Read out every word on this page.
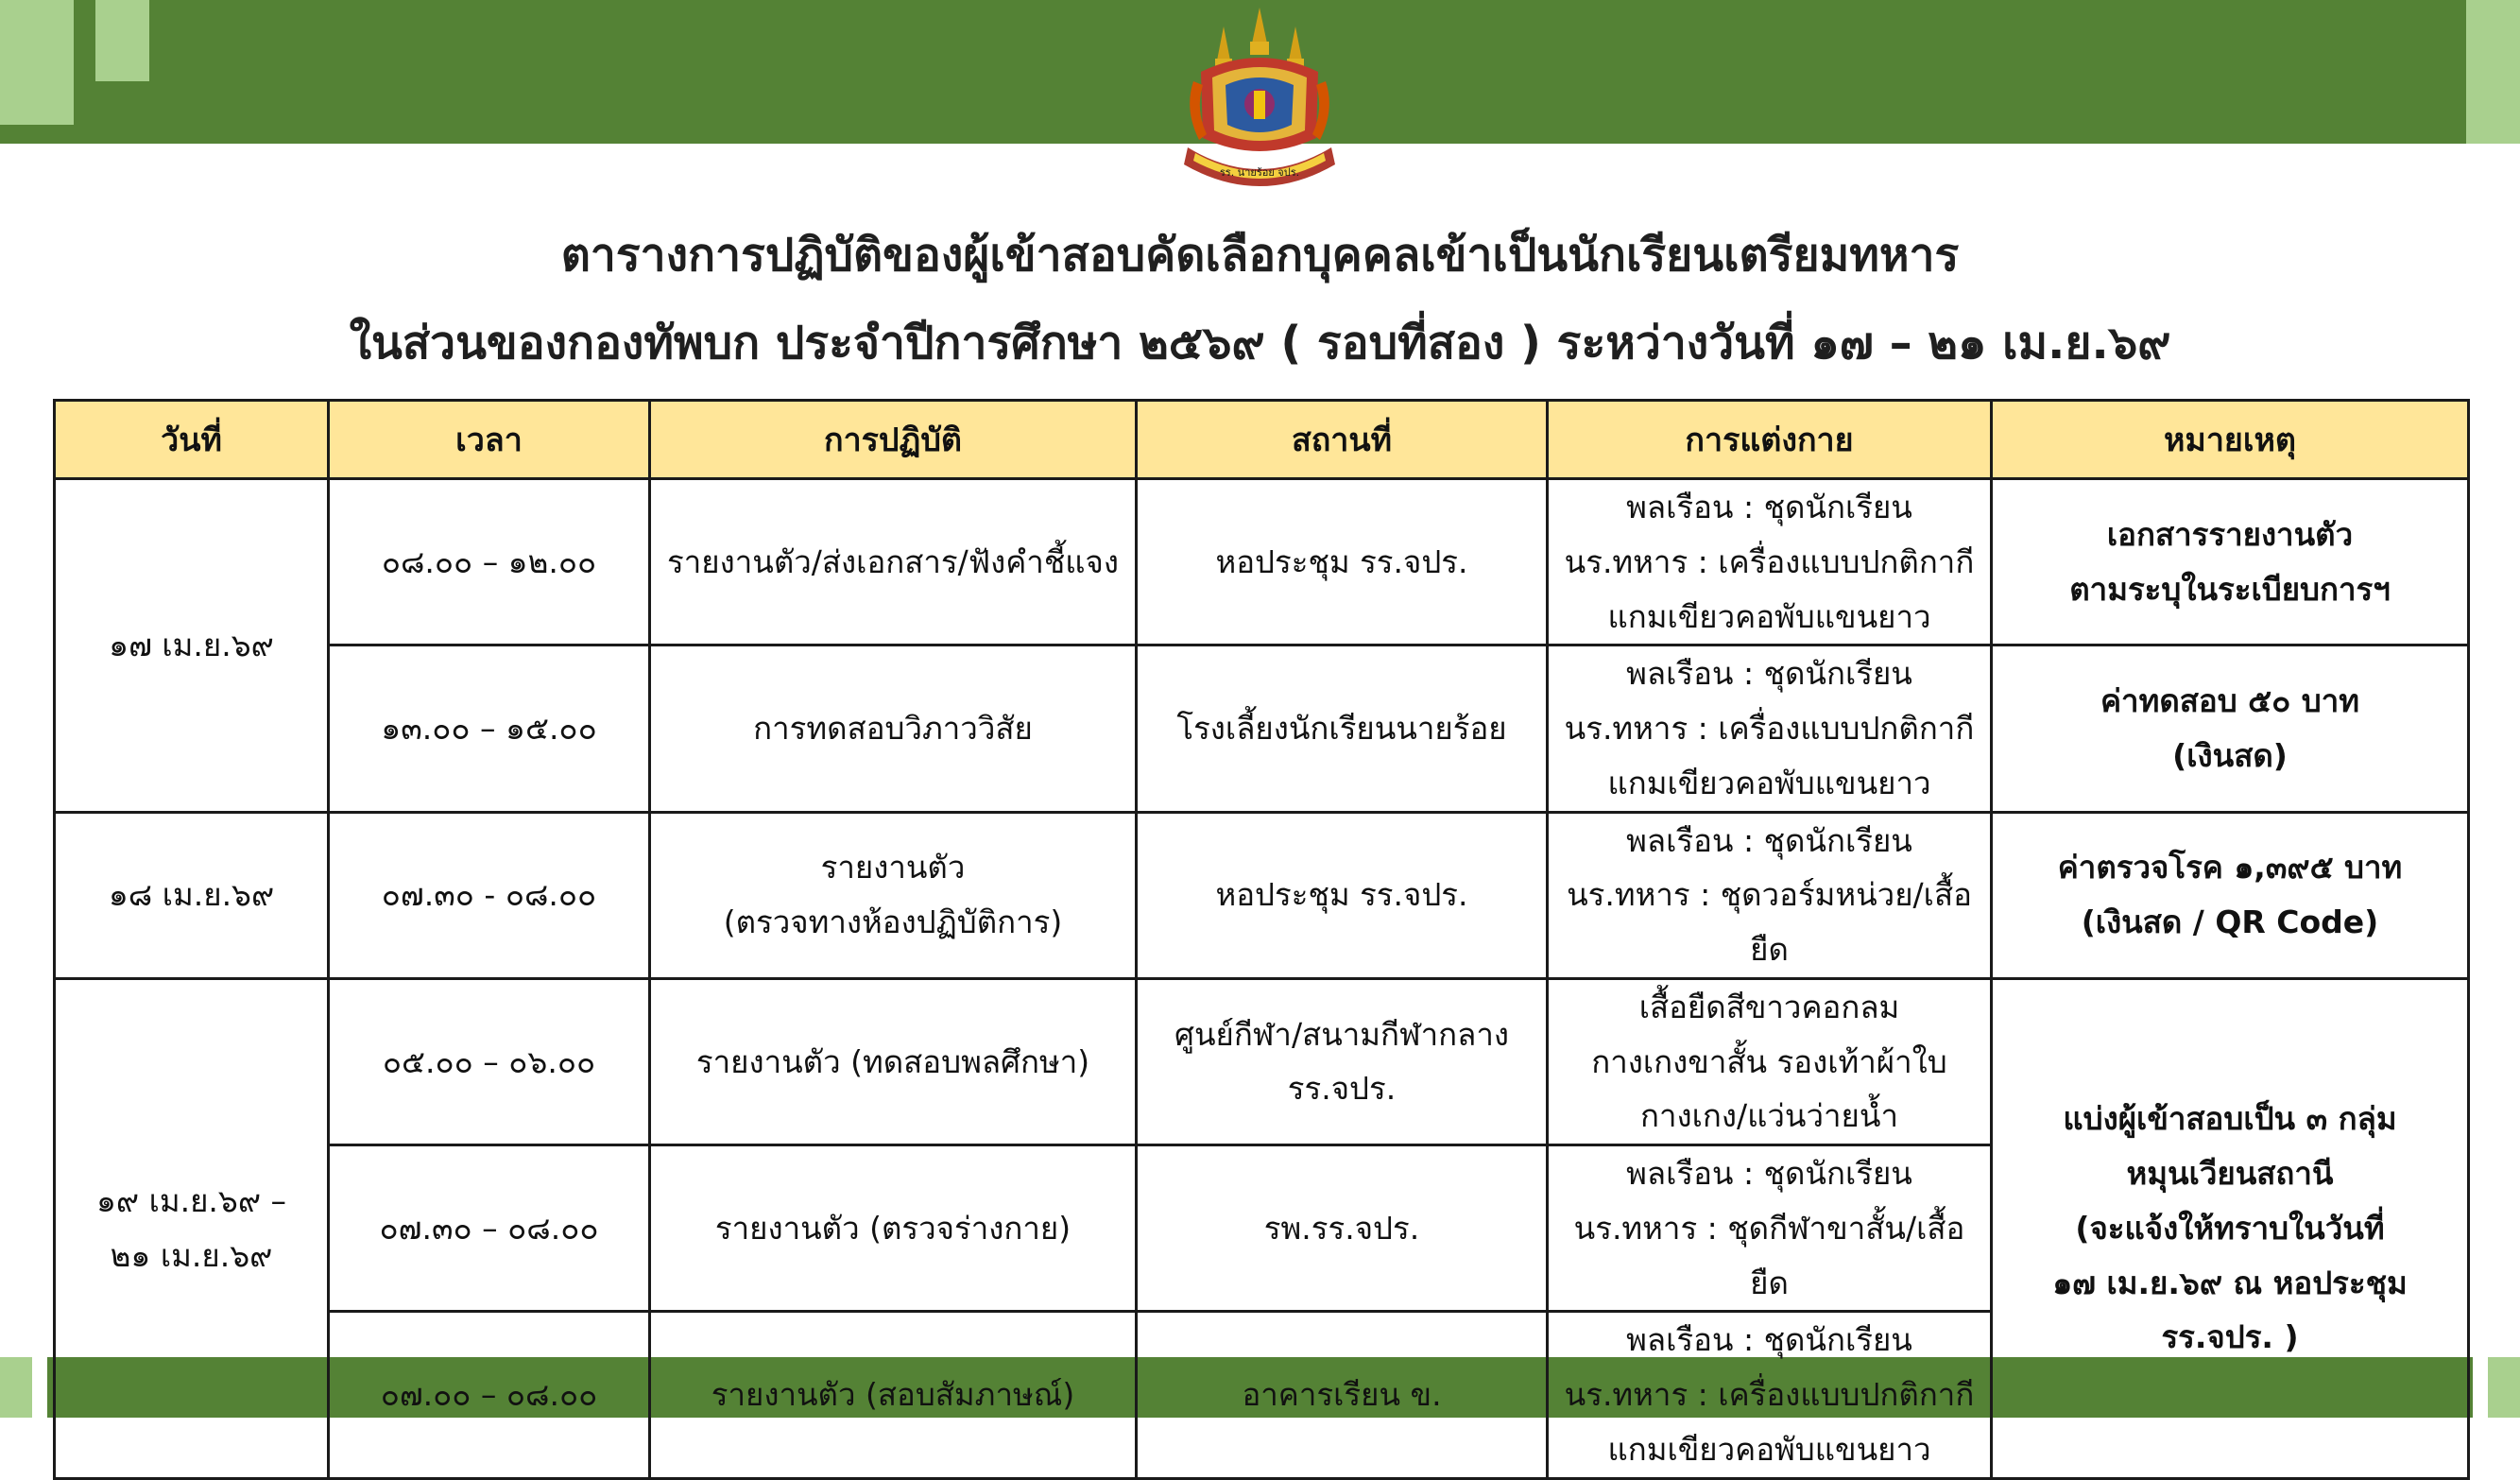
รร. นายร้อย จปร.
ตารางการปฏิบัติของผู้เข้าสอบคัดเลือกบุคคลเข้าเป็นนักเรียนเตรียมทหาร
ในส่วนของกองทัพบก ประจำปีการศึกษา ๒๕๖๙ ( รอบที่สอง ) ระหว่างวันที่ ๑๗ – ๒๑ เม.ย.๖๙
วันที่	เวลา	การปฏิบัติ	สถานที่	การแต่งกาย	หมายเหตุ
๑๗ เม.ย.๖๙	๐๘.๐๐ – ๑๒.๐๐	รายงานตัว/ส่งเอกสาร/ฟังคำชี้แจง	หอประชุม รร.จปร.	พลเรือน : ชุดนักเรียน
นร.ทหาร : เครื่องแบบปกติกากี
แกมเขียวคอพับแขนยาว	เอกสารรายงานตัว
ตามระบุในระเบียบการฯ

	๑๓.๐๐ – ๑๕.๐๐	การทดสอบวิภาววิสัย	โรงเลี้ยงนักเรียนนายร้อย	พลเรือน : ชุดนักเรียน
นร.ทหาร : เครื่องแบบปกติกากี
แกมเขียวคอพับแขนยาว	ค่าทดสอบ ๕๐ บาท
(เงินสด)

๑๘ เม.ย.๖๙	๐๗.๓๐ - ๐๘.๐๐	รายงานตัว
(ตรวจทางห้องปฏิบัติการ)	หอประชุม รร.จปร.	พลเรือน : ชุดนักเรียน
นร.ทหาร : ชุดวอร์มหน่วย/เสื้อยืด	ค่าตรวจโรค ๑,๓๙๕ บาท
(เงินสด / QR Code)

๑๙ เม.ย.๖๙ –
๒๑ เม.ย.๖๙	๐๕.๐๐ – ๐๖.๐๐	รายงานตัว (ทดสอบพลศึกษา)	ศูนย์กีฬา/สนามกีฬากลาง
รร.จปร.	เสื้อยืดสีขาวคอกลม
กางเกงขาสั้น รองเท้าผ้าใบ
กางเกง/แว่นว่ายน้ำ	แบ่งผู้เข้าสอบเป็น ๓ กลุ่ม
หมุนเวียนสถานี
(จะแจ้งให้ทราบในวันที่
๑๗ เม.ย.๖๙ ณ หอประชุม รร.จปร. )

	๐๗.๓๐ – ๐๘.๐๐	รายงานตัว (ตรวจร่างกาย)	รพ.รร.จปร.	พลเรือน : ชุดนักเรียน
นร.ทหาร : ชุดกีฬาขาสั้น/เสื้อยืด	

	๐๗.๐๐ – ๐๘.๐๐	รายงานตัว (สอบสัมภาษณ์)	อาคารเรียน ข.	พลเรือน : ชุดนักเรียน
นร.ทหาร : เครื่องแบบปกติกากี
แกมเขียวคอพับแขนยาว	
